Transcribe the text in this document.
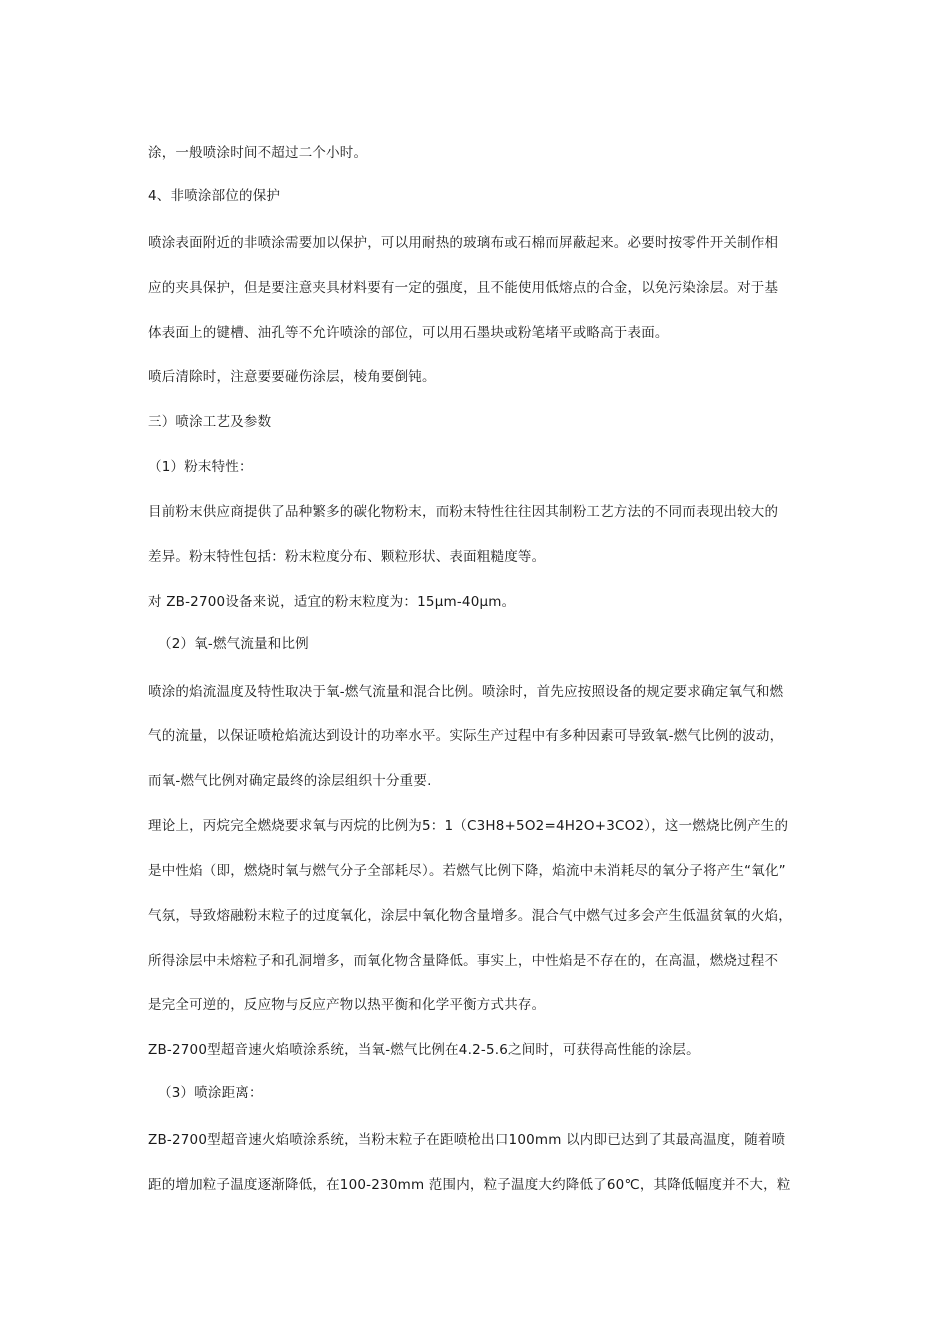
涂，一般喷涂时间不超过二个小时。
4、非喷涂部位的保护
喷涂表面附近的非喷涂需要加以保护，可以用耐热的玻璃布或石棉而屏蔽起来。必要时按零件开关制作相
应的夹具保护，但是要注意夹具材料要有一定的强度，且不能使用低熔点的合金，以免污染涂层。对于基
体表面上的键槽、油孔等不允许喷涂的部位，可以用石墨块或粉笔堵平或略高于表面。
喷后清除时，注意要要碰伤涂层，棱角要倒钝。
三）喷涂工艺及参数
（1）粉末特性：
目前粉末供应商提供了品种繁多的碳化物粉末，而粉末特性往往因其制粉工艺方法的不同而表现出较大的
差异。粉末特性包括：粉末粒度分布、颗粒形状、表面粗糙度等。
对 ZB-2700设备来说，适宜的粉末粒度为：15μm-40μm。
（2）氧-燃气流量和比例
喷涂的焰流温度及特性取决于氧-燃气流量和混合比例。喷涂时，首先应按照设备的规定要求确定氧气和燃
气的流量，以保证喷枪焰流达到设计的功率水平。实际生产过程中有多种因素可导致氧-燃气比例的波动，
而氧-燃气比例对确定最终的涂层组织十分重要.
理论上，丙烷完全燃烧要求氧与丙烷的比例为5：1（C3H8+5O2=4H2O+3CO2），这一燃烧比例产生的
是中性焰（即，燃烧时氧与燃气分子全部耗尽）。若燃气比例下降，焰流中未消耗尽的氧分子将产生“氧化”
气氛，导致熔融粉末粒子的过度氧化，涂层中氧化物含量增多。混合气中燃气过多会产生低温贫氧的火焰，
所得涂层中未熔粒子和孔洞增多，而氧化物含量降低。事实上，中性焰是不存在的，在高温，燃烧过程不
是完全可逆的，反应物与反应产物以热平衡和化学平衡方式共存。
ZB-2700型超音速火焰喷涂系统，当氧-燃气比例在4.2-5.6之间时，可获得高性能的涂层。
（3）喷涂距离：
ZB-2700型超音速火焰喷涂系统，当粉末粒子在距喷枪出口100mm 以内即已达到了其最高温度，随着喷
距的增加粒子温度逐渐降低，在100-230mm 范围内，粒子温度大约降低了60℃，其降低幅度并不大，粒
